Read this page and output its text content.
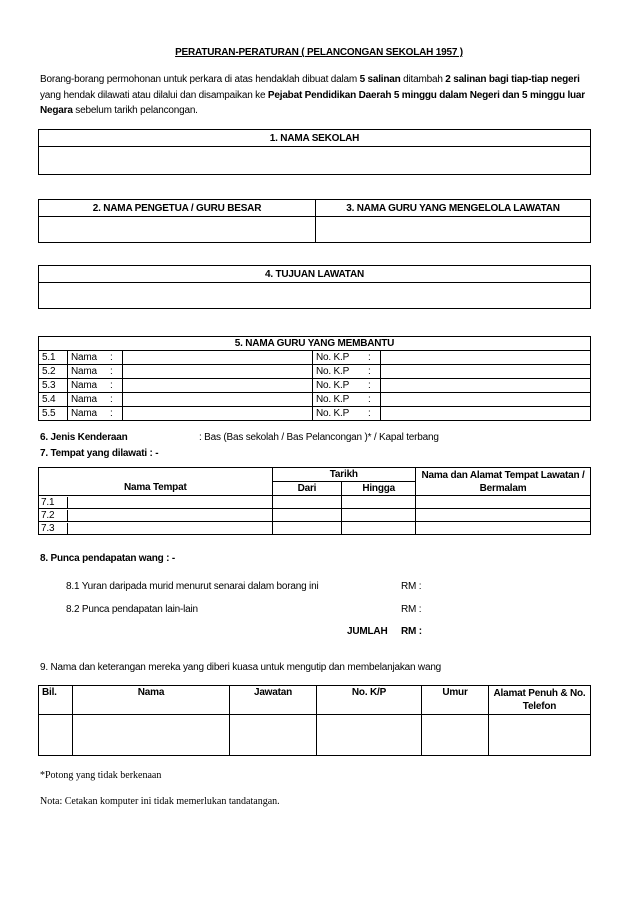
PERATURAN-PERATURAN ( PELANCONGAN SEKOLAH 1957 )
Borang-borang permohonan untuk perkara di atas hendaklah dibuat dalam 5 salinan ditambah 2 salinan bagi tiap-tiap negeri yang hendak dilawati atau dilalui dan disampaikan ke Pejabat Pendidikan Daerah 5 minggu dalam Negeri dan 5 minggu luar Negara sebelum tarikh pelancongan.
1. NAMA SEKOLAH

2. NAMA PENGETUA / GURU BESAR	3. NAMA GURU YANG MENGELOLA LAWATAN

4. TUJUAN LAWATAN

5. NAMA GURU YANG MEMBANTU						
5.1	Nama	:		No. K.P	:	
5.2	Nama	:		No. K.P	:	
5.3	Nama	:		No. K.P	:	
5.4	Nama	:		No. K.P	:	
5.5	Nama	:		No. K.P	:	
6. Jenis Kenderaan	: Bas (Bas sekolah / Bas Pelancongan )* / Kapal terbang
7. Tempat yang dilawati : -
Nama Tempat	Tarikh		Nama dan Alamat Tempat Lawatan / Bermalam
	Dari	Hingga	
7.1			
7.2			
7.3			
8. Punca pendapatan wang : -
8.1 Yuran daripada murid menurut senarai dalam borang ini	RM :
8.2 Punca pendapatan lain-lain	RM :
JUMLAH RM :
9. Nama dan keterangan mereka yang diberi kuasa untuk mengutip dan membelanjakan wang
Bil.	Nama	Jawatan	No. K/P	Umur	Alamat Penuh & No. Telefon

*Potong yang tidak berkenaan
Nota: Cetakan komputer ini tidak memerlukan tandatangan.
